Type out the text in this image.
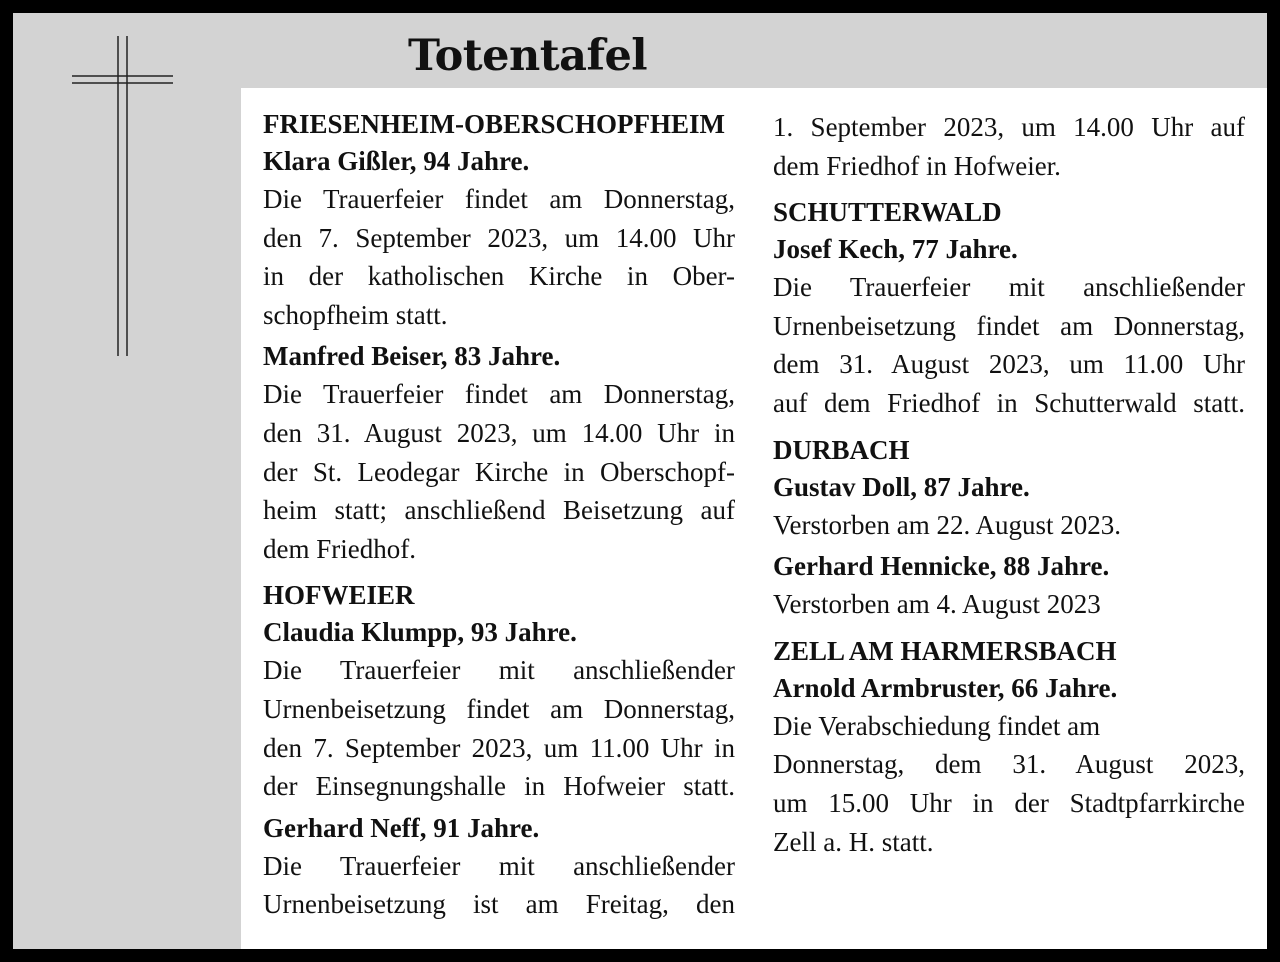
Totentafel
FRIESENHEIM-OBERSCHOPFHEIM
Klara Gißler, 94 Jahre.
Die Trauerfeier findet am Donnerstag,
den 7. September 2023, um 14.00 Uhr
in der katholischen Kirche in Ober-
schopfheim statt.
Manfred Beiser, 83 Jahre.
Die Trauerfeier findet am Donnerstag,
den 31. August 2023, um 14.00 Uhr in
der St. Leodegar Kirche in Oberschopf-
heim statt; anschließend Beisetzung auf
dem Friedhof.
HOFWEIER
Claudia Klumpp, 93 Jahre.
Die Trauerfeier mit anschließender
Urnenbeisetzung findet am Donnerstag,
den 7. September 2023, um 11.00 Uhr in
der Einsegnungshalle in Hofweier statt.
Gerhard Neff, 91 Jahre.
Die Trauerfeier mit anschließender
Urnenbeisetzung ist am Freitag, den
1. September 2023, um 14.00 Uhr auf
dem Friedhof in Hofweier.
SCHUTTERWALD
Josef Kech, 77 Jahre.
Die Trauerfeier mit anschließender
Urnenbeisetzung findet am Donnerstag,
dem 31. August 2023, um 11.00 Uhr
auf dem Friedhof in Schutterwald statt.
DURBACH
Gustav Doll, 87 Jahre.
Verstorben am 22. August 2023.
Gerhard Hennicke, 88 Jahre.
Verstorben am 4. August 2023
ZELL AM HARMERSBACH
Arnold Armbruster, 66 Jahre.
Die Verabschiedung findet am
Donnerstag, dem 31. August 2023,
um 15.00 Uhr in der Stadtpfarrkirche
Zell a. H. statt.
